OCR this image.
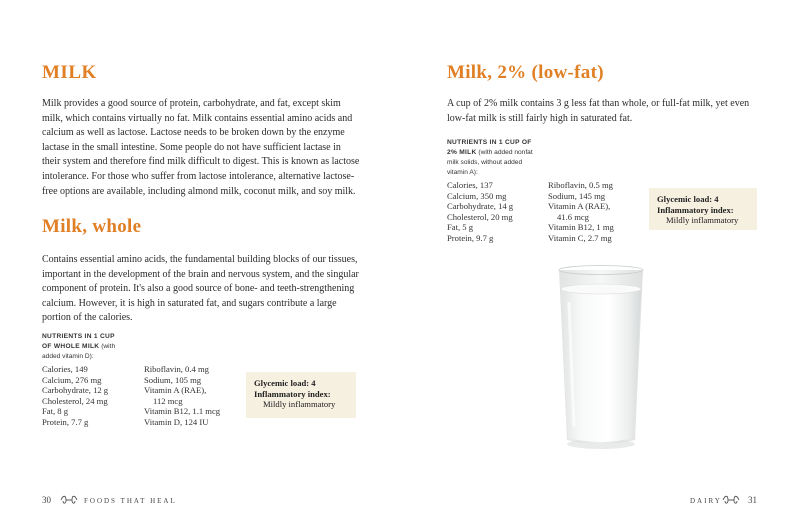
MILK

Milk provides a good source of protein, carbohydrate, and fat, except skim milk, which contains virtually no fat. Milk contains essential amino acids and calcium as well as lactose. Lactose needs to be broken down by the enzyme lactase in the small intestine. Some people do not have sufficient lactase in their system and therefore find milk difficult to digest. This is known as lactose intolerance. For those who suffer from lactose intolerance, alternative lactose-free options are available, including almond milk, coconut milk, and soy milk.

Milk, whole

Contains essential amino acids, the fundamental building blocks of our tissues, important in the development of the brain and nervous system, and the singular component of protein. It's also a good source of bone- and teeth-strengthening calcium. However, it is high in saturated fat, and sugars contribute a large portion of the calories.

NUTRIENTS IN 1 CUP OF WHOLE MILK (with added vitamin D):
Calories, 149
Calcium, 276 mg
Carbohydrate, 12 g
Cholesterol, 24 mg
Fat, 8 g
Protein, 7.7 g
Riboflavin, 0.4 mg
Sodium, 105 mg
Vitamin A (RAE),
112 mcg
Vitamin B12, 1.1 mcg
Vitamin D, 124 IU
Glycemic load: 4
Inflammatory index:
Mildly inflammatory
30	FOODS THAT HEAL
Milk, 2% (low-fat)

A cup of 2% milk contains 3 g less fat than whole, or full-fat milk, yet even low-fat milk is still fairly high in saturated fat.

NUTRIENTS IN 1 CUP OF 2% MILK (with added nonfat milk solids, without added vitamin A):
Calories, 137
Calcium, 350 mg
Carbohydrate, 14 g
Cholesterol, 20 mg
Fat, 5 g
Protein, 9.7 g
Riboflavin, 0.5 mg
Sodium, 145 mg
Vitamin A (RAE),
41.6 mcg
Vitamin B12, 1 mg
Vitamin C, 2.7 mg
Glycemic load: 4
Inflammatory index:
Mildly inflammatory
DAIRY	31
